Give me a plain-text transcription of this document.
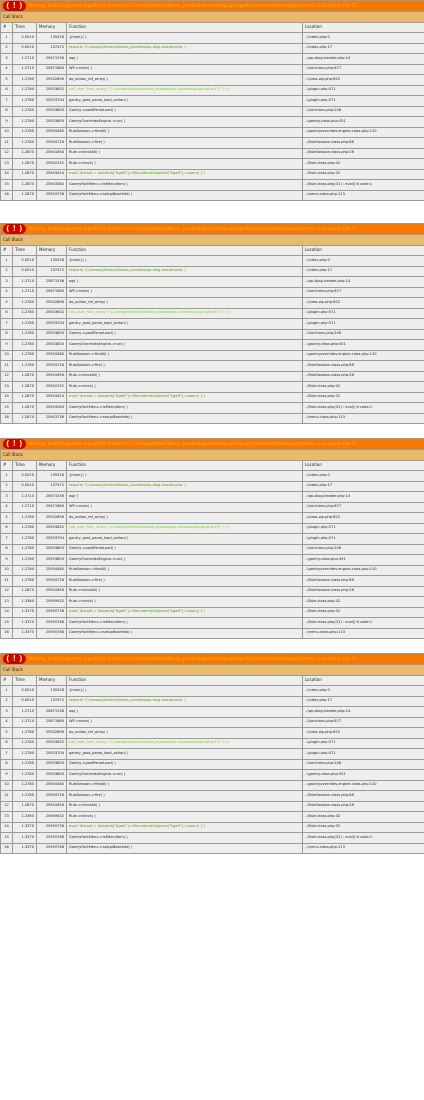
( ! ) Warning: Invalid argument supplied for foreach() in C:\xampp\htdocs\titania_pruebas\wp-content\plugins\gantry\core\rules\flatrule\gantrymenu.class.php on line 31				
Call Stack				
#	Time	Memory	Function	Location
1	0.0010	135528	{main}( )	..\index.php:0
2	0.0010	137472	require( 'C:\xampp\htdocs\titania_pruebas\wp-blog-header.php' )	..\index.php:17
3	1.2710	25671536	wp( )	..\wp-blog-header.php:14
4	1.2710	25671680	WP->main( )	..\functions.php:877
5	1.2780	25932896	do_action_ref_array( )	..\class-wp.php:622
6	1.2780	25933632	call_user_func_array ( 'C:\xampp\htdocs\titania_pruebas\wp-includes\plugin.php:571' ) ( )	..\plugin.php:571
7	1.2780	25933704	gantry_post_parse_load_action( )	..\plugin.php:571
8	1.2780	25933800	Gantry->postParseLoad( )	..\functions.php:246
9	1.2780	25933800	GantryOverridesEngine->run( )	..\gantry.class.php:451
10	1.2780	25934480	RuleSession->fireAll( )	..\gantryoverrides.engine.class.php:110
11	1.2780	25934728	RuleSession->fire( )	..\RuleSession.class.php:88
12	1.2870	25941856	Rule->checkAll( )	..\RuleSession.class.php:26
13	1.2870	25942152	Rule->check( )	..\Rule.class.php:42
14	1.2870	25943424	eval( '$result = $objects["$getf"]->MenuItem($objects["$getf"]->query( )' )	..\Rule.class.php:31
15	1.2870	25943584	GantryFactMenu->isMenuItem( )	..\Rule.class.php(31) : eval()'d code:1
16	1.2870	25943736	GantryFactMenu->setupBaseInfo( )	..\menu.class.php:113
( ! ) Warning: Invalid argument supplied for foreach() in C:\xampp\htdocs\titania_pruebas\wp-content\plugins\gantry\core\rules\flatrule\gantrymenu.class.php on line 31				
Call Stack				
#	Time	Memory	Function	Location
1	0.0010	135528	{main}( )	..\index.php:0
2	0.0010	137472	require( 'C:\xampp\htdocs\titania_pruebas\wp-blog-header.php' )	..\index.php:17
3	1.2710	25671536	wp( )	..\wp-blog-header.php:14
4	1.2710	25671680	WP->main( )	..\functions.php:877
5	1.2780	25932896	do_action_ref_array( )	..\class-wp.php:622
6	1.2780	25933632	call_user_func_array ( 'C:\xampp\htdocs\titania_pruebas\wp-includes\plugin.php:571' ) ( )	..\plugin.php:571
7	1.2780	25933704	gantry_post_parse_load_action( )	..\plugin.php:571
8	1.2780	25933800	Gantry->postParseLoad( )	..\functions.php:246
9	1.2780	25933800	GantryOverridesEngine->run( )	..\gantry.class.php:451
10	1.2780	25934480	RuleSession->fireAll( )	..\gantryoverrides.engine.class.php:110
11	1.2780	25934728	RuleSession->fire( )	..\RuleSession.class.php:88
12	1.2870	25941856	Rule->checkAll( )	..\RuleSession.class.php:26
13	1.2870	25942152	Rule->check( )	..\Rule.class.php:42
14	1.2870	25943424	eval( '$result = $objects["$getf"]->MenuItem($objects["$getf"]->query( )' )	..\Rule.class.php:31
15	1.2870	25943584	GantryFactMenu->isMenuItem( )	..\Rule.class.php(31) : eval()'d code:1
16	1.2870	25943736	GantryFactMenu->setupBaseInfo( )	..\menu.class.php:113
( ! ) Warning: Invalid argument supplied for foreach() in C:\xampp\htdocs\titania_pruebas\wp-content\plugins\gantry\core\rules\flatrule\gantrymenu.class.php on line 31				
Call Stack				
#	Time	Memory	Function	Location
1	0.0010	135528	{main}( )	..\index.php:0
2	0.0010	137472	require( 'C:\xampp\htdocs\titania_pruebas\wp-blog-header.php' )	..\index.php:17
3	1.2710	25671536	wp( )	..\wp-blog-header.php:14
4	1.2710	25671680	WP->main( )	..\functions.php:877
5	1.2780	25932896	do_action_ref_array( )	..\class-wp.php:622
6	1.2780	25933632	call_user_func_array ( 'C:\xampp\htdocs\titania_pruebas\wp-includes\plugin.php:571' ) ( )	..\plugin.php:571
7	1.2780	25933704	gantry_post_parse_load_action( )	..\plugin.php:571
8	1.2780	25933800	Gantry->postParseLoad( )	..\functions.php:246
9	1.2780	25933800	GantryOverridesEngine->run( )	..\gantry.class.php:451
10	1.2780	25934480	RuleSession->fireAll( )	..\gantryoverrides.engine.class.php:110
11	1.2780	25934728	RuleSession->fire( )	..\RuleSession.class.php:88
12	1.2870	25941856	Rule->checkAll( )	..\RuleSession.class.php:26
13	1.3360	25949432	Rule->check( )	..\Rule.class.php:42
14	1.3370	25950736	eval( '$result = $objects["$getf"]->MenuItem($objects["$getf"]->query( )' )	..\Rule.class.php:31
15	1.3370	25950768	GantryFactMenu->isMenuItem( )	..\Rule.class.php(31) : eval()'d code:1
16	1.3370	25950768	GantryFactMenu->setupBaseInfo( )	..\menu.class.php:113
( ! ) Warning: Invalid argument supplied for foreach() in C:\xampp\htdocs\titania_pruebas\wp-content\plugins\gantry\core\rules\flatrule\gantrymenu.class.php on line 31				
Call Stack				
#	Time	Memory	Function	Location
1	0.0010	135528	{main}( )	..\index.php:0
2	0.0010	137472	require( 'C:\xampp\htdocs\titania_pruebas\wp-blog-header.php' )	..\index.php:17
3	1.2710	25671536	wp( )	..\wp-blog-header.php:14
4	1.2710	25671680	WP->main( )	..\functions.php:877
5	1.2780	25932896	do_action_ref_array( )	..\class-wp.php:622
6	1.2780	25933632	call_user_func_array ( 'C:\xampp\htdocs\titania_pruebas\wp-includes\plugin.php:571' ) ( )	..\plugin.php:571
7	1.2780	25933704	gantry_post_parse_load_action( )	..\plugin.php:571
8	1.2780	25933800	Gantry->postParseLoad( )	..\functions.php:246
9	1.2780	25933800	GantryOverridesEngine->run( )	..\gantry.class.php:451
10	1.2780	25934480	RuleSession->fireAll( )	..\gantryoverrides.engine.class.php:110
11	1.2780	25934728	RuleSession->fire( )	..\RuleSession.class.php:88
12	1.2870	25941856	Rule->checkAll( )	..\RuleSession.class.php:26
13	1.3360	25949432	Rule->check( )	..\Rule.class.php:42
14	1.3370	25950736	eval( '$result = $objects["$getf"]->MenuItem($objects["$getf"]->query( )' )	..\Rule.class.php:31
15	1.3370	25950768	GantryFactMenu->isMenuItem( )	..\Rule.class.php(31) : eval()'d code:1
16	1.3370	25950768	GantryFactMenu->setupBaseInfo( )	..\menu.class.php:113
